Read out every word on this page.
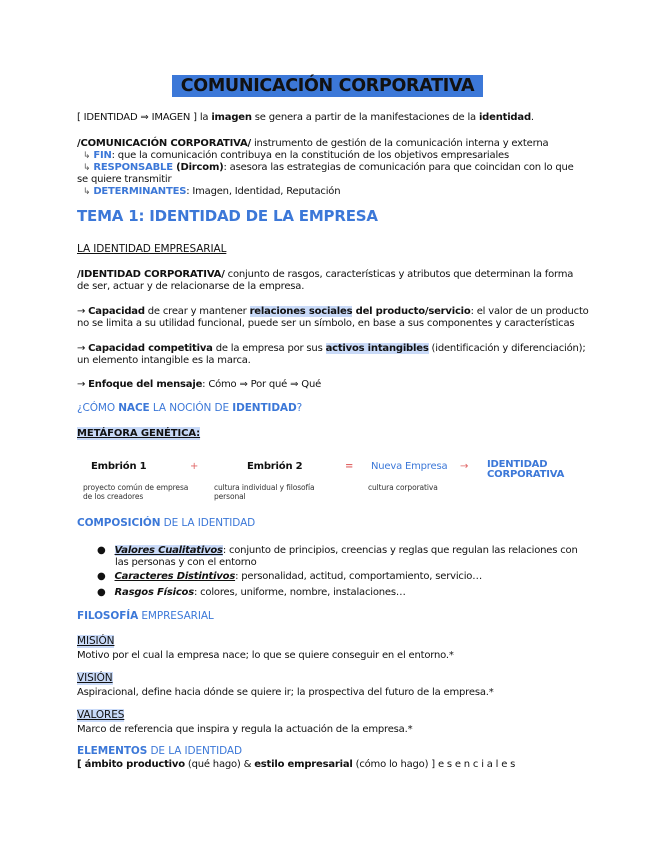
COMUNICACIÓN CORPORATIVA
[ IDENTIDAD ⇒ IMAGEN ] la imagen se genera a partir de la manifestaciones de la identidad.
/COMUNICACIÓN CORPORATIVA/ instrumento de gestión de la comunicación interna y externa
↳ FIN: que la comunicación contribuya en la constitución de los objetivos empresariales
↳ RESPONSABLE (Dircom): asesora las estrategias de comunicación para que coincidan con lo que
se quiere transmitir
↳ DETERMINANTES: Imagen, Identidad, Reputación
TEMA 1: IDENTIDAD DE LA EMPRESA
LA IDENTIDAD EMPRESARIAL
/IDENTIDAD CORPORATIVA/ conjunto de rasgos, características y atributos que determinan la forma
de ser, actuar y de relacionarse de la empresa.
→ Capacidad de crear y mantener relaciones sociales del producto/servicio: el valor de un producto
no se limita a su utilidad funcional, puede ser un símbolo, en base a sus componentes y características
→ Capacidad competitiva de la empresa por sus activos intangibles (identificación y diferenciación);
un elemento intangible es la marca.
→ Enfoque del mensaje: Cómo ⇒ Por qué ⇒ Qué
¿CÓMO NACE LA NOCIÓN DE IDENTIDAD?
METÁFORA GENÉTICA:
Embrión 1	+	Embrión 2	= Nueva Empresa → IDENTIDAD
CORPORATIVA
proyecto común de empresa
de los creadores
cultura individual y filosofía
personal
cultura corporativa
COMPOSICIÓN DE LA IDENTIDAD
● Valores Cualitativos: conjunto de principios, creencias y reglas que regulan las relaciones con
las personas y con el entorno
● Caracteres Distintivos: personalidad, actitud, comportamiento, servicio…
● Rasgos Físicos: colores, uniforme, nombre, instalaciones…
FILOSOFÍA EMPRESARIAL
MISIÓN
Motivo por el cual la empresa nace; lo que se quiere conseguir en el entorno.*
VISIÓN
Aspiracional, define hacia dónde se quiere ir; la prospectiva del futuro de la empresa.*
VALORES
Marco de referencia que inspira y regula la actuación de la empresa.*
ELEMENTOS DE LA IDENTIDAD
[ ámbito productivo (qué hago) & estilo empresarial (cómo lo hago) ] e s e n c i a l e s
